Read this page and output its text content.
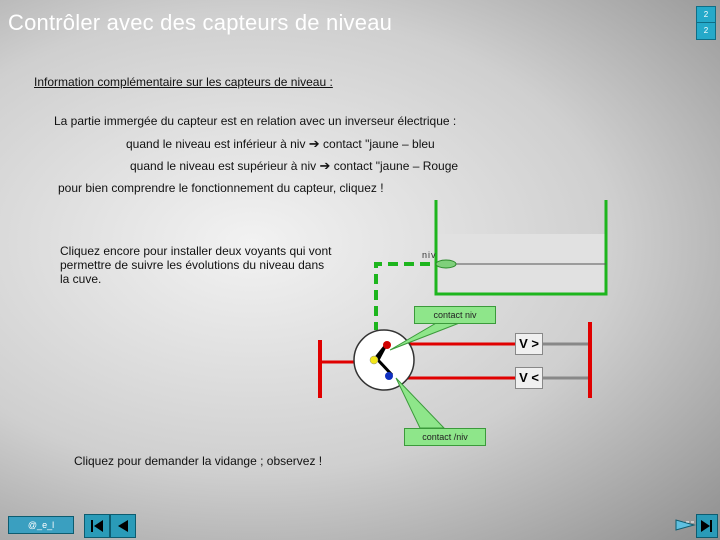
Contrôler avec des capteurs de niveau	2
2
Information complémentaire sur les capteurs de niveau :
La partie immergée du capteur est en relation avec un inverseur électrique :
quand le niveau est inférieur à niv ➔ contact "jaune – bleu
quand le niveau est supérieur à niv ➔ contact "jaune – Rouge
pour bien comprendre le fonctionnement du capteur, cliquez !
Cliquez encore pour installer deux voyants qui vont permettre de suivre les évolutions du niveau dans la cuve.
niv
contact niv
contact /niv
V >
V <
Cliquez pour demander la vidange ; observez !
@_e_l
